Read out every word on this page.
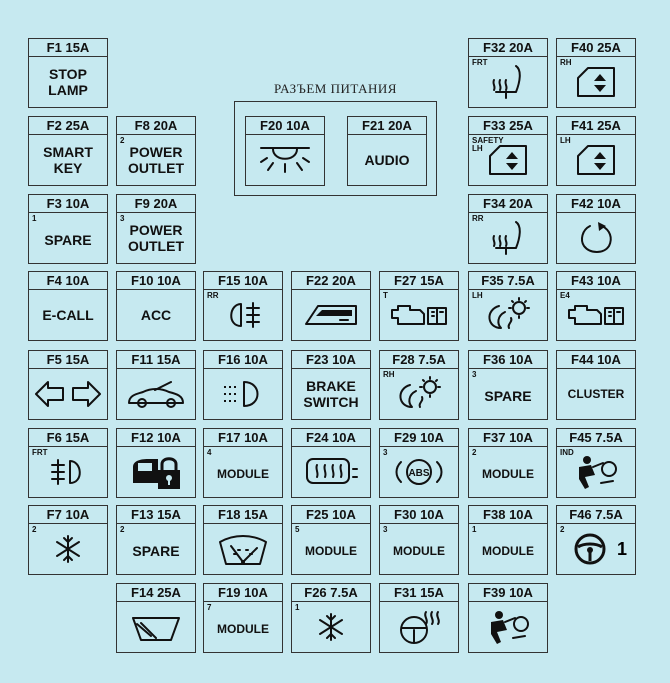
РАЗЪЕМ ПИТАНИЯ
F1 15A
STOP
LAMP
F2 25A
SMART
KEY
F3 10A
1
SPARE
F4 10A
E-CALL
F5 15A
F6 15A
FRT
F7 10A
2
F8 20A
2
POWER
OUTLET
F9 20A
3
POWER
OUTLET
F10 10A
ACC
F11 15A
F12 10A
F13 15A
2
SPARE
F14 25A
F15 10A
RR
F16 10A
F17 10A
4
MODULE
F18 15A
F19 10A
7
MODULE
F20 10A	F21 20A
AUDIO
F22 20A
F23 10A
BRAKE
SWITCH
F24 10A
F25 10A
5
MODULE
F26 7.5A
1
F27 15A
T
F28 7.5A
RH
F29 10A
3
ABS
F30 10A
3
MODULE
F31 15A
F32 20A
FRT
F33 25A
SAFETY
LH
F34 20A
RR
F35 7.5A
LH
F36 10A
3
SPARE
F37 10A
2
MODULE
F38 10A
1
MODULE
F39 10A
F40 25A
RH
F41 25A
LH
F42 10A
F43 10A
E4
F44 10A
CLUSTER
F45 7.5A
IND
F46 7.5A
2
1
